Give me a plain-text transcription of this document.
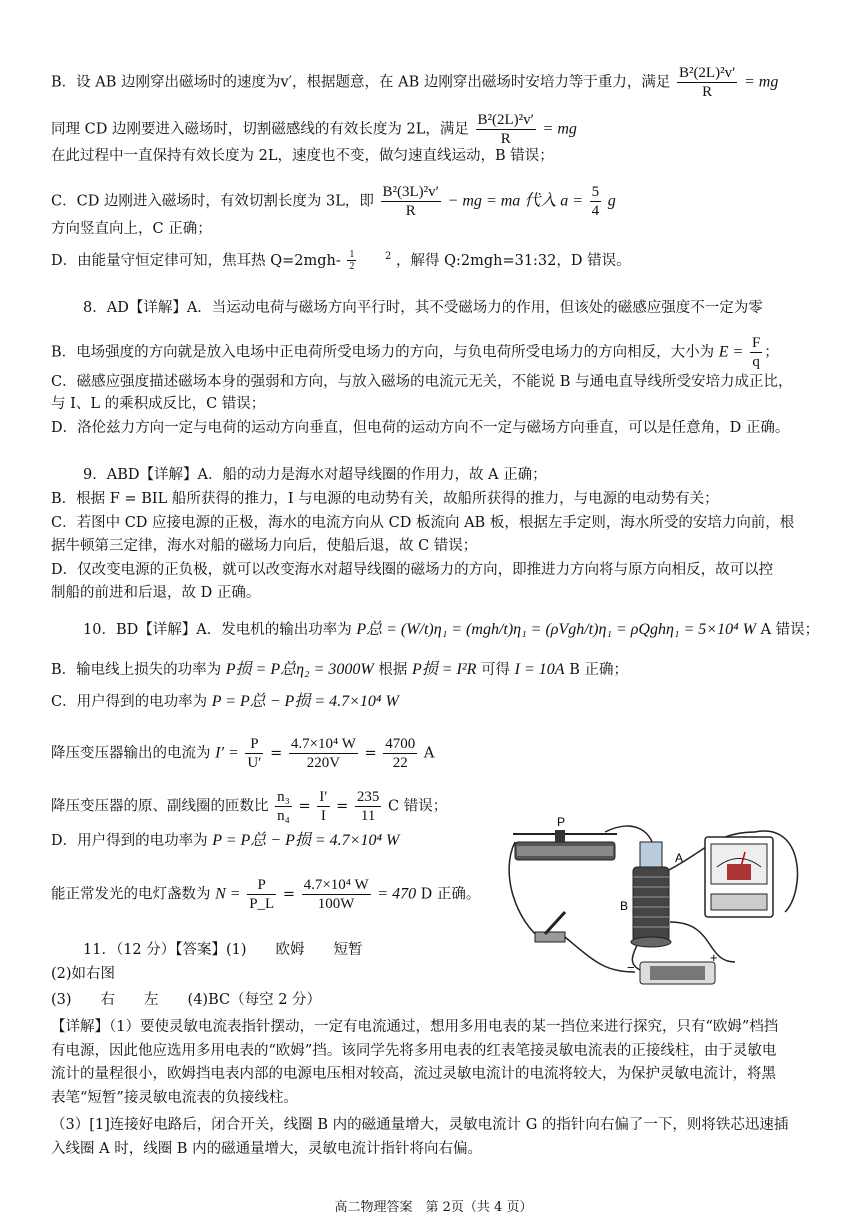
B．设 AB 边刚穿出磁场时的速度为v′，根据题意，在 AB 边刚穿出磁场时安培力等于重力，满足 $\frac{\text{B²(2L)²v′}}{R}$ = mg
同理 CD 边刚要进入磁场时，切割磁感线的有效长度为 2L，满足 $\frac{\text{B²(2L)²v′}}{R}$ = mg
在此过程中一直保持有效长度为 2L，速度也不变，做匀速直线运动，B 错误；
C．CD 边刚进入磁场时，有效切割长度为 3L，即 $\frac{\text{B²(3L)²v′}}{R}$ − mg = ma 代入 $a = \frac{5}{4}$ g
方向竖直向上，C 正确；
D．由能量守恒定律可知，焦耳热 $Q=2mgh- \frac{1}{2}$	$^2$ ，解得 Q:2mgh=31:32，D 错误。
8．AD【详解】A．当运动电荷与磁场方向平行时，其不受磁场力的作用，但该处的磁感应强度不一定为零
B．电场强度的方向就是放入电场中正电荷所受电场力的方向，与负电荷所受电场力的方向相反，大小为 $E = \frac{F}{q}$ ；
C．磁感应强度描述磁场本身的强弱和方向，与放入磁场的电流元无关，不能说 B 与通电直导线所受安培力成正比，
与 I、L 的乘积成反比，C 错误；
D．洛伦兹力方向一定与电荷的运动方向垂直，但电荷的运动方向不一定与磁场方向垂直，可以是任意角，D 正确。
9．ABD【详解】A．船的动力是海水对超导线圈的作用力，故 A 正确；
B．根据 F = BIL 船所获得的推力，I 与电源的电动势有关，故船所获得的推力，与电源的电动势有关；
C．若图中 CD 应接电源的正极，海水的电流方向从 CD 板流向 AB 板，根据左手定则，海水所受的安培力向前，根
据牛顿第三定律，海水对船的磁场力向后，使船后退，故 C 错误；
D．仅改变电源的正负极，就可以改变海水对超导线圈的磁场力的方向，即推进力方向将与原方向相反，故可以控
制船的前进和后退，故 D 正确。
10．BD【详解】A．发电机的输出功率为 P总 = (W/t)η₁ = (mgh/t)η₁ = (ρVgh/t)η₁ = ρQghη₁ = 5×10⁴ W A 错误；
B．输电线上损失的功率为 P损 = P总η₂ = 3000W 根据 P损 = I²R 可得 I = 10A B 正确；
C．用户得到的电功率为 P = P总 − P损 = 4.7×10⁴ W
降压变压器输出的电流为 $I' = \frac{P}{U'} = \frac{\text{4.7×10⁴ W}}{220V} = \frac{4700}{22}$ A
降压变压器的原、副线圈的匝数比 $\frac{\text{n₃}}{\text{n₄}} = \frac{I'}{I} = \frac{235}{11}$ C 错误；
D．用户得到的电功率为 P = P总 − P损 = 4.7×10⁴ W
能正常发光的电灯盏数为 $N = \frac{P}{P\_L} = \frac{\text{4.7×10⁴ W}}{100W} = 470$ D 正确。
11．（12 分）【答案】(1)　　欧姆　　短暂
(2)如右图
(3)　　右　　左　　(4)BC（每空 2 分）
【详解】（1）要使灵敏电流表指针摆动，一定有电流通过，想用多用电表的某一挡位来进行探究，只有“欧姆”档挡
有电源，因此他应选用多用电表的“欧姆”挡。该同学先将多用电表的红表笔接灵敏电流表的正接线柱，由于灵敏电
流计的量程很小，欧姆挡电表内部的电源电压相对较高，流过灵敏电流计的电流将较大，为保护灵敏电流计，将黑
表笔“短暂”接灵敏电流表的负接线柱。
（3）[1]连接好电路后，闭合开关，线圈 B 内的磁通量增大，灵敏电流计 G 的指针向右偏了一下，则将铁芯迅速插
入线圈 A 时，线圈 B 内的磁通量增大，灵敏电流计指针将向右偏。
P
A
B
−
+
高二物理答案　第 2页（共 4 页）
